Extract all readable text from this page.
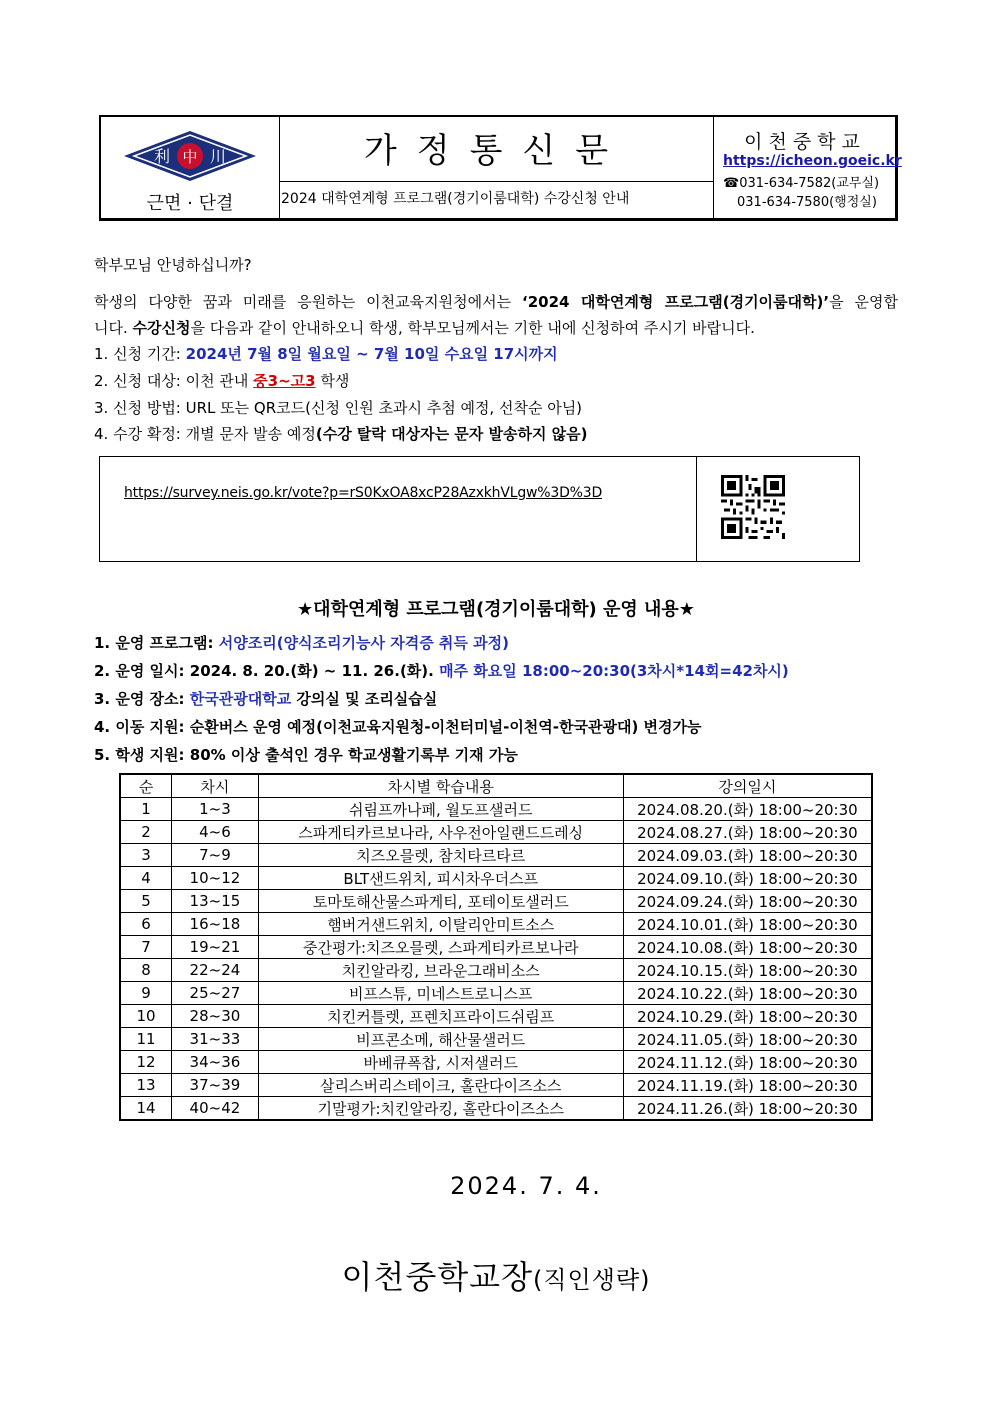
利 中 川
근면 · 단결
가정통신문
2024 대학연계형 프로그램(경기이룸대학) 수강신청 안내
이천중학교
https://icheon.goeic.kr
☎031-634-7582(교무실)
031-634-7580(행정실)
학부모님 안녕하십니까?
학생의 다양한 꿈과 미래를 응원하는 이천교육지원청에서는 ‘2024 대학연계형 프로그램(경기이룸대학)’을 운영합
니다. 수강신청을 다음과 같이 안내하오니 학생, 학부모님께서는 기한 내에 신청하여 주시기 바랍니다.
1. 신청 기간: 2024년 7월 8일 월요일 ~ 7월 10일 수요일 17시까지
2. 신청 대상: 이천 관내 중3~고3 학생
3. 신청 방법: URL 또는 QR코드(신청 인원 초과시 추첨 예정, 선착순 아님)
4. 수강 확정: 개별 문자 발송 예정(수강 탈락 대상자는 문자 발송하지 않음)
https://survey.neis.go.kr/vote?p=rS0KxOA8xcP28AzxkhVLgw%3D%3D
★대학연계형 프로그램(경기이룸대학) 운영 내용★
1. 운영 프로그램: 서양조리(양식조리기능사 자격증 취득 과정)
2. 운영 일시: 2024. 8. 20.(화) ~ 11. 26.(화). 매주 화요일 18:00~20:30(3차시*14회=42차시)
3. 운영 장소: 한국관광대학교 강의실 및 조리실습실
4. 이동 지원: 순환버스 운영 예정(이천교육지원청-이천터미널-이천역-한국관광대) 변경가능
5. 학생 지원: 80% 이상 출석인 경우 학교생활기록부 기재 가능
순	차시	차시별 학습내용	강의일시
1	1~3	쉬림프까나페, 월도프샐러드	2024.08.20.(화) 18:00~20:30
2	4~6	스파게티카르보나라, 사우전아일랜드드레싱	2024.08.27.(화) 18:00~20:30
3	7~9	치즈오믈렛, 참치타르타르	2024.09.03.(화) 18:00~20:30
4	10~12	BLT샌드위치, 피시차우더스프	2024.09.10.(화) 18:00~20:30
5	13~15	토마토해산물스파게티, 포테이토샐러드	2024.09.24.(화) 18:00~20:30
6	16~18	햄버거샌드위치, 이탈리안미트소스	2024.10.01.(화) 18:00~20:30
7	19~21	중간평가:치즈오믈렛, 스파게티카르보나라	2024.10.08.(화) 18:00~20:30
8	22~24	치킨알라킹, 브라운그래비소스	2024.10.15.(화) 18:00~20:30
9	25~27	비프스튜, 미네스트로니스프	2024.10.22.(화) 18:00~20:30
10	28~30	치킨커틀렛, 프렌치프라이드쉬림프	2024.10.29.(화) 18:00~20:30
11	31~33	비프콘소메, 해산물샐러드	2024.11.05.(화) 18:00~20:30
12	34~36	바베큐폭찹, 시저샐러드	2024.11.12.(화) 18:00~20:30
13	37~39	살리스버리스테이크, 홀란다이즈소스	2024.11.19.(화) 18:00~20:30
14	40~42	기말평가:치킨알라킹, 홀란다이즈소스	2024.11.26.(화) 18:00~20:30
2024. 7. 4.
이천중학교장(직인생략)
